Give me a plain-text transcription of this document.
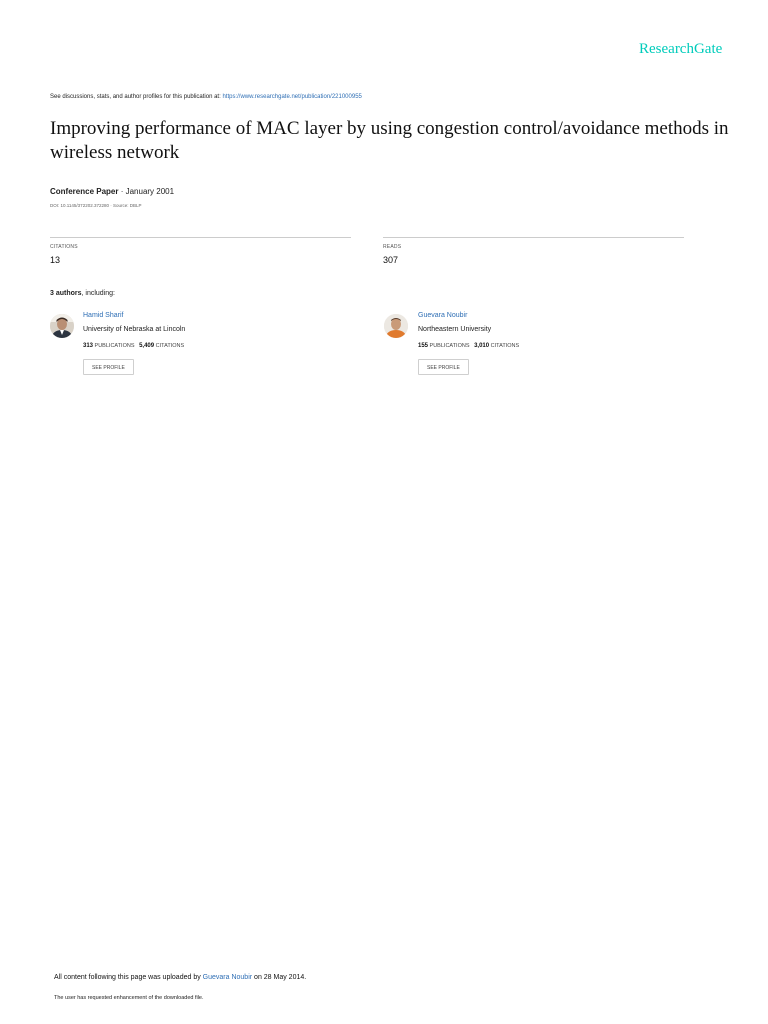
ResearchGate
See discussions, stats, and author profiles for this publication at: https://www.researchgate.net/publication/221000955
Improving performance of MAC layer by using congestion control/avoidance methods in wireless network
Conference Paper · January 2001
DOI: 10.1145/372202.372280 · Source: DBLP
CITATIONS
13
READS
307
3 authors, including:
Hamid Sharif
University of Nebraska at Lincoln
313 PUBLICATIONS 5,409 CITATIONS
SEE PROFILE
Guevara Noubir
Northeastern University
155 PUBLICATIONS 3,010 CITATIONS
SEE PROFILE
All content following this page was uploaded by Guevara Noubir on 28 May 2014.
The user has requested enhancement of the downloaded file.
